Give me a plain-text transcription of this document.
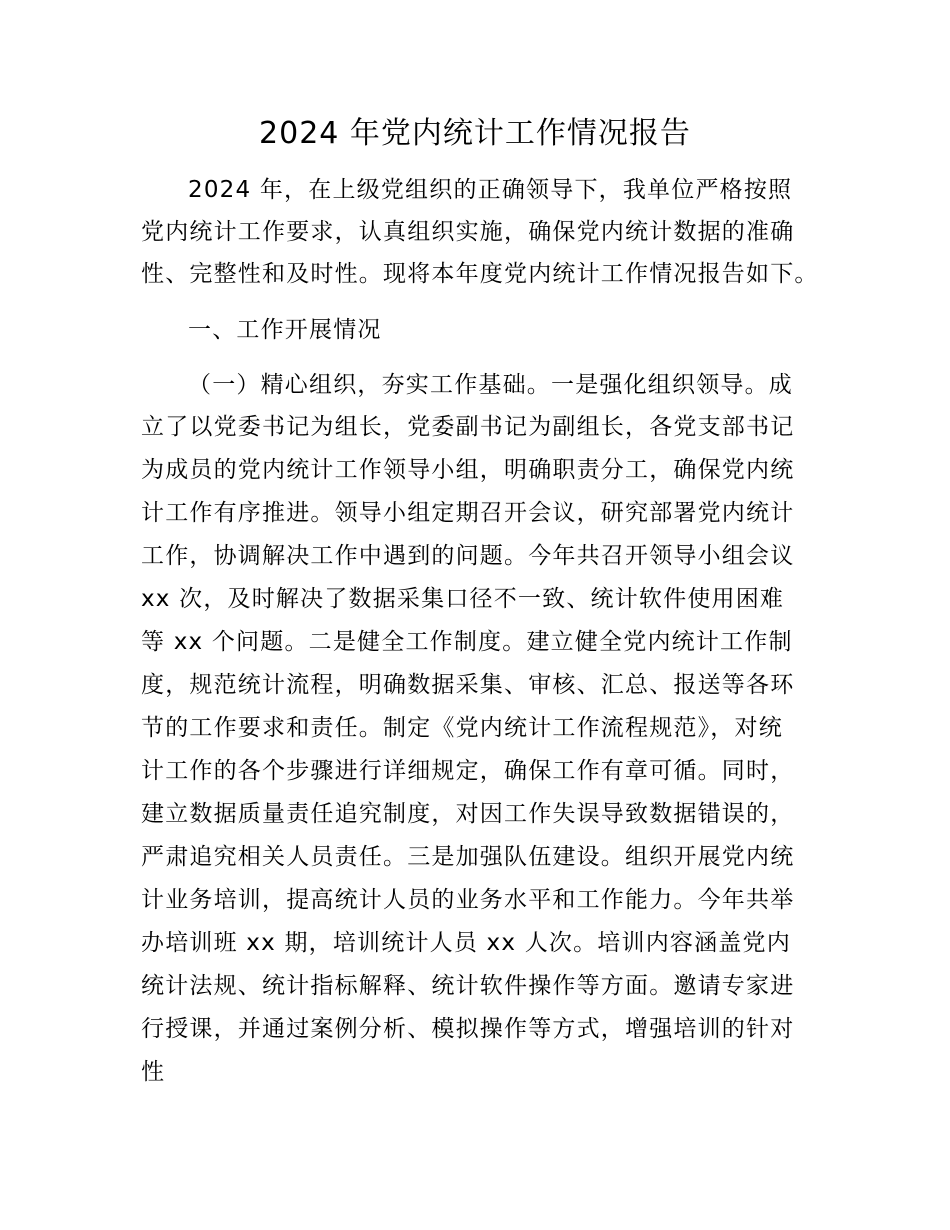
2024 年党内统计工作情况报告
2024 年，在上级党组织的正确领导下，我单位严格按照
党内统计工作要求，认真组织实施，确保党内统计数据的准确
性、完整性和及时性。现将本年度党内统计工作情况报告如下。
一、工作开展情况
（一）精心组织，夯实工作基础。一是强化组织领导。成
立了以党委书记为组长，党委副书记为副组长，各党支部书记
为成员的党内统计工作领导小组，明确职责分工，确保党内统
计工作有序推进。领导小组定期召开会议，研究部署党内统计
工作，协调解决工作中遇到的问题。今年共召开领导小组会议
xx 次，及时解决了数据采集口径不一致、统计软件使用困难
等 xx 个问题。二是健全工作制度。建立健全党内统计工作制
度，规范统计流程，明确数据采集、审核、汇总、报送等各环
节的工作要求和责任。制定《党内统计工作流程规范》，对统
计工作的各个步骤进行详细规定，确保工作有章可循。同时，
建立数据质量责任追究制度，对因工作失误导致数据错误的，
严肃追究相关人员责任。三是加强队伍建设。组织开展党内统
计业务培训，提高统计人员的业务水平和工作能力。今年共举
办培训班 xx 期，培训统计人员 xx 人次。培训内容涵盖党内
统计法规、统计指标解释、统计软件操作等方面。邀请专家进
行授课，并通过案例分析、模拟操作等方式，增强培训的针对
性
